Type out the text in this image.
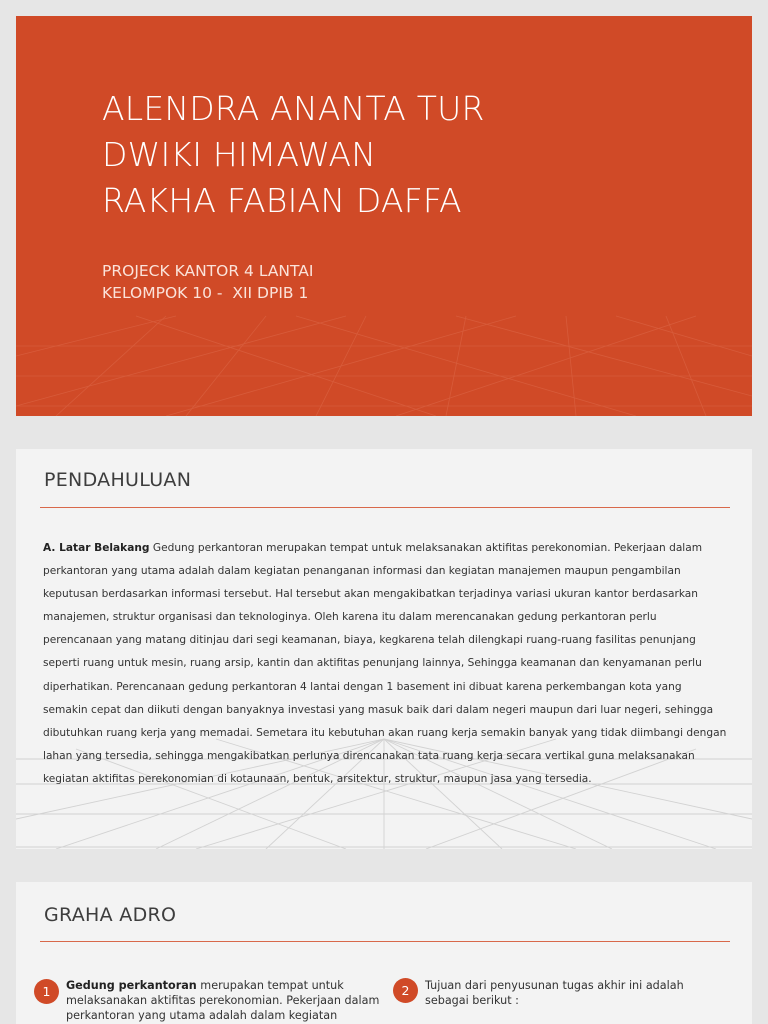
ALENDRA ANANTA TUR
DWIKI HIMAWAN
RAKHA FABIAN DAFFA
PROJECK KANTOR 4 LANTAI
KELOMPOK 10 -  XII DPIB 1
PENDAHULUAN
A. Latar Belakang Gedung perkantoran merupakan tempat untuk melaksanakan aktifitas perekonomian. Pekerjaan dalam perkantoran yang utama adalah dalam kegiatan penanganan informasi dan kegiatan manajemen maupun pengambilan keputusan berdasarkan informasi tersebut. Hal tersebut akan mengakibatkan terjadinya variasi ukuran kantor berdasarkan manajemen, struktur organisasi dan teknologinya. Oleh karena itu dalam merencanakan gedung perkantoran perlu perencanaan yang matang ditinjau dari segi keamanan, biaya, kegkarena telah dilengkapi ruang-ruang fasilitas penunjang seperti ruang untuk mesin, ruang arsip, kantin dan aktifitas penunjang lainnya, Sehingga keamanan dan kenyamanan perlu diperhatikan. Perencanaan gedung perkantoran 4 lantai dengan 1 basement ini dibuat karena perkembangan kota yang semakin cepat dan diikuti dengan banyaknya investasi yang masuk baik dari dalam negeri maupun dari luar negeri, sehingga dibutuhkan ruang kerja yang memadai. Semetara itu kebutuhan akan ruang kerja semakin banyak yang tidak diimbangi dengan lahan yang tersedia, sehingga mengakibatkan perlunya direncanakan tata ruang kerja secara vertikal guna melaksanakan kegiatan aktifitas perekonomian di kotaunaan, bentuk, arsitektur, struktur, maupun jasa yang tersedia.
GRAHA ADRO
1	Gedung perkantoran merupakan tempat untuk melaksanakan aktifitas perekonomian. Pekerjaan dalam perkantoran yang utama adalah dalam kegiatan
2	Tujuan dari penyusunan tugas akhir ini adalah sebagai berikut :
